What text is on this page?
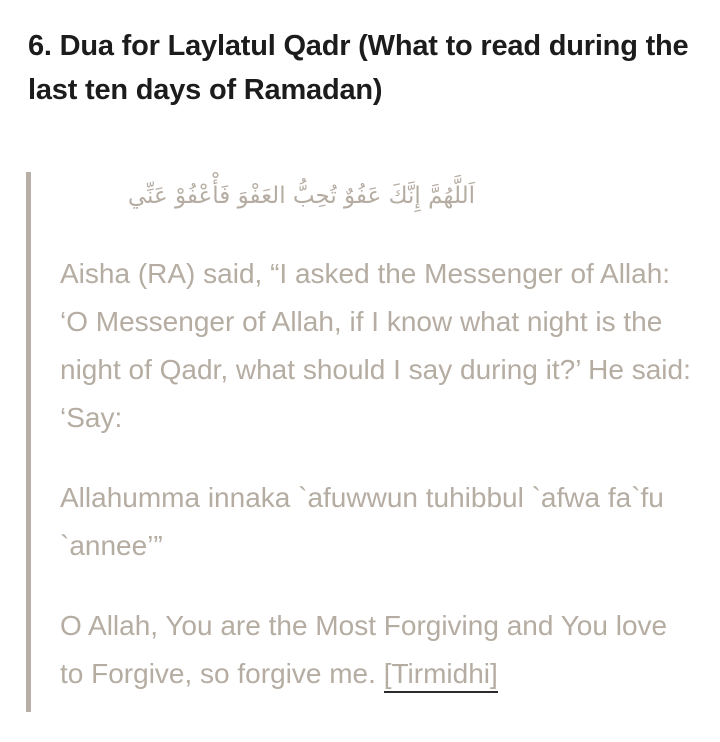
6. Dua for Laylatul Qadr (What to read during the last ten days of Ramadan)

اَللَّهُمَّ إِنَّكَ عَفُوٌ تُحِبُّ العَفْوَ فَأْعْفُوْ عَنِّي

Aisha (RA) said, “I asked the Messenger of Allah: ‘O Messenger of Allah, if I know what night is the night of Qadr, what should I say during it?’ He said: ‘Say:

Allahumma innaka `afuwwun tuhibbul `afwa fa`fu `annee’”

O Allah, You are the Most Forgiving and You love to Forgive, so forgive me. [Tirmidhi]
